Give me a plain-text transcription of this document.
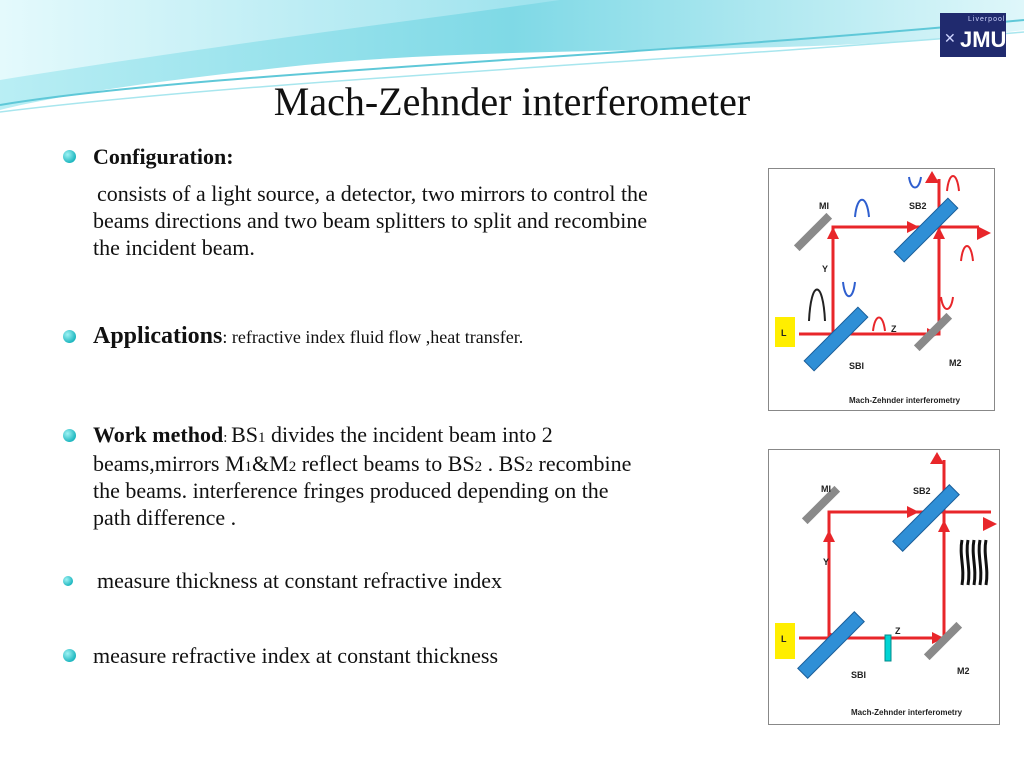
Liverpool
✕ JMU
Mach-Zehnder interferometer
Configuration:
consists of a light source, a detector, two mirrors to control the
beams directions and two beam splitters to split and recombine
the incident beam.
Applications: refractive index fluid flow ,heat transfer.
Work method: BS1 divides the incident beam into 2
beams,mirrors M1&M2 reflect beams to BS2 . BS2 recombine
the beams. interference fringes produced depending on the
path difference .
measure thickness at constant refractive index
measure refractive index at constant thickness
MI	SB2
Y
L
SBI
Z
M2
Mach-Zehnder interferometry
MI	SB2
Y
L
SBI
Z
M2
Mach-Zehnder interferometry
